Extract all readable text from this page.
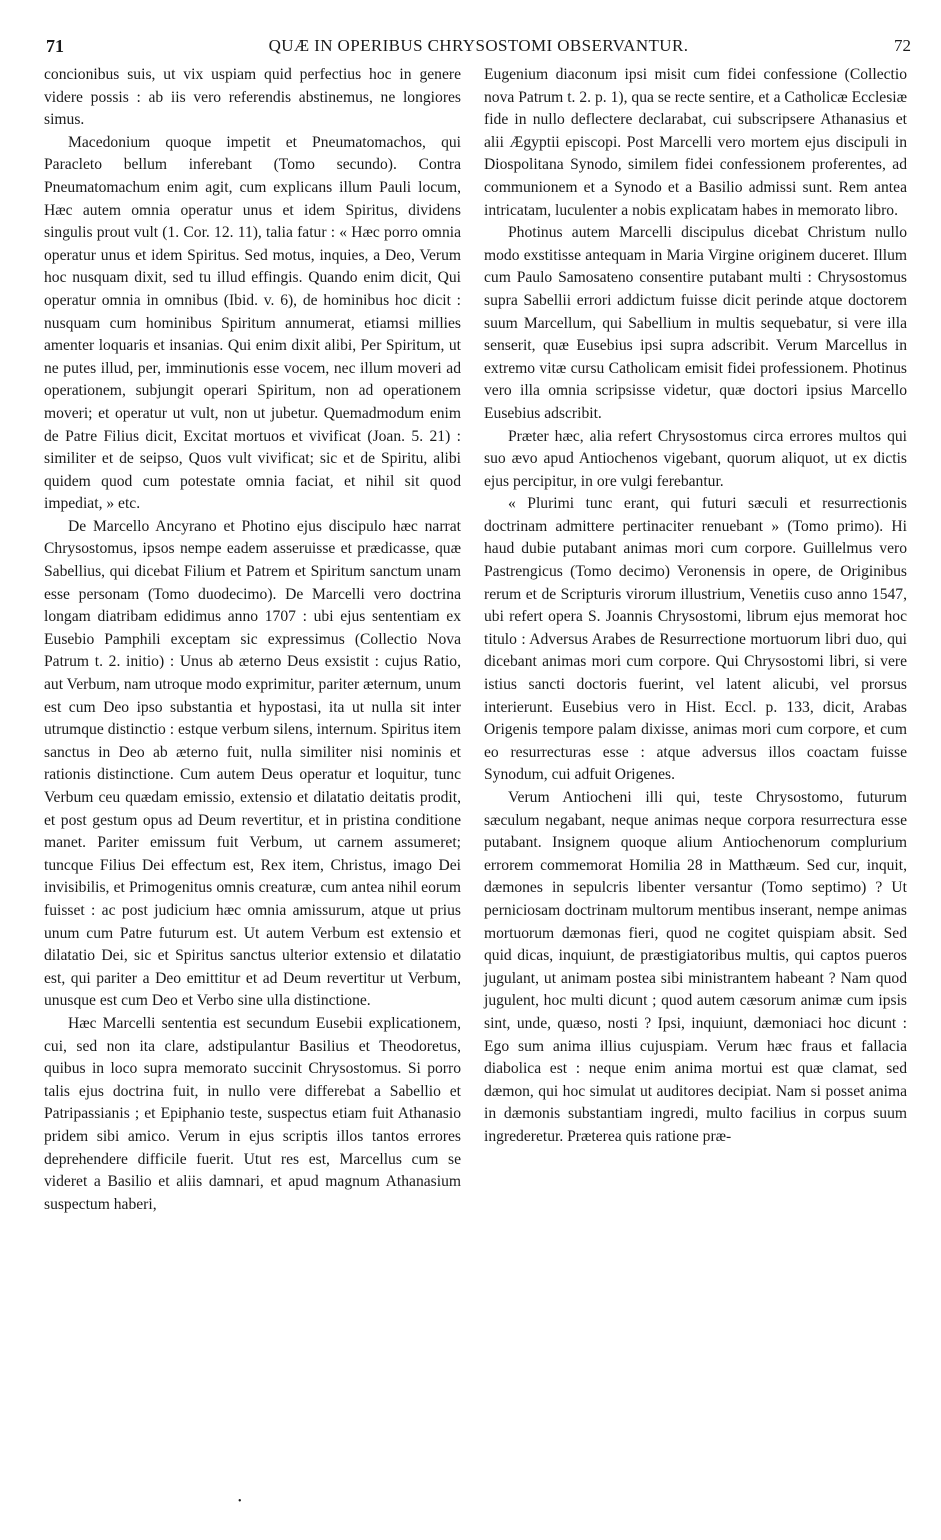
71	QUÆ IN OPERIBUS CHRYSOSTOMI OBSERVANTUR.	72

concionibus suis, ut vix uspiam quid perfectius hoc in genere videre possis : ab iis vero referendis abstinemus, ne longiores simus.

Macedonium quoque impetit et Pneumatomachos, qui Paracleto bellum inferebant (Tomo secundo). Contra Pneumatomachum enim agit, cum explicans illum Pauli locum, Hæc autem omnia operatur unus et idem Spiritus, dividens singulis prout vult (1. Cor. 12. 11), talia fatur : « Hæc porro omnia operatur unus et idem Spiritus. Sed motus, inquies, a Deo, Verum hoc nusquam dixit, sed tu illud effingis. Quando enim dicit, Qui operatur omnia in omnibus (Ibid. v. 6), de hominibus hoc dicit : nusquam cum hominibus Spiritum annumerat, etiamsi millies amenter loquaris et insanias. Qui enim dixit alibi, Per Spiritum, ut ne putes illud, per, imminutionis esse vocem, nec illum moveri ad operationem, subjungit operari Spiritum, non ad operationem moveri; et operatur ut vult, non ut jubetur. Quemadmodum enim de Patre Filius dicit, Excitat mortuos et vivificat (Joan. 5. 21) : similiter et de seipso, Quos vult vivificat; sic et de Spiritu, alibi quidem quod cum potestate omnia faciat, et nihil sit quod impediat, » etc.

De Marcello Ancyrano et Photino ejus discipulo hæc narrat Chrysostomus, ipsos nempe eadem asseruisse et prædicasse, quæ Sabellius, qui dicebat Filium et Patrem et Spiritum sanctum unam esse personam (Tomo duodecimo). De Marcelli vero doctrina longam diatribam edidimus anno 1707 : ubi ejus sententiam ex Eusebio Pamphili exceptam sic expressimus (Collectio Nova Patrum t. 2. initio) : Unus ab æterno Deus exsistit : cujus Ratio, aut Verbum, nam utroque modo exprimitur, pariter æternum, unum est cum Deo ipso substantia et hypostasi, ita ut nulla sit inter utrumque distinctio : estque verbum silens, internum. Spiritus item sanctus in Deo ab æterno fuit, nulla similiter nisi nominis et rationis distinctione. Cum autem Deus operatur et loquitur, tunc Verbum ceu quædam emissio, extensio et dilatatio deitatis prodit, et post gestum opus ad Deum revertitur, et in pristina conditione manet. Pariter emissum fuit Verbum, ut carnem assumeret; tuncque Filius Dei effectum est, Rex item, Christus, imago Dei invisibilis, et Primogenitus omnis creaturæ, cum antea nihil eorum fuisset : ac post judicium hæc omnia amissurum, atque ut prius unum cum Patre futurum est. Ut autem Verbum est extensio et dilatatio Dei, sic et Spiritus sanctus ulterior extensio et dilatatio est, qui pariter a Deo emittitur et ad Deum revertitur ut Verbum, unusque est cum Deo et Verbo sine ulla distinctione.

Hæc Marcelli sententia est secundum Eusebii explicationem, cui, sed non ita clare, adstipulantur Basilius et Theodoretus, quibus in loco supra memorato succinit Chrysostomus. Si porro talis ejus doctrina fuit, in nullo vere differebat a Sabellio et Patripassianis ; et Epiphanio teste, suspectus etiam fuit Athanasio pridem sibi amico. Verum in ejus scriptis illos tantos errores deprehendere difficile fuerit. Utut res est, Marcellus cum se videret a Basilio et aliis damnari, et apud magnum Athanasium suspectum haberi,

Eugenium diaconum ipsi misit cum fidei confessione (Collectio nova Patrum t. 2. p. 1), qua se recte sentire, et a Catholicæ Ecclesiæ fide in nullo deflectere declarabat, cui subscripsere Athanasius et alii Ægyptii episcopi. Post Marcelli vero mortem ejus discipuli in Diospolitana Synodo, similem fidei confessionem proferentes, ad communionem et a Synodo et a Basilio admissi sunt. Rem antea intricatam, luculenter a nobis explicatam habes in memorato libro.

Photinus autem Marcelli discipulus dicebat Christum nullo modo exstitisse antequam in Maria Virgine originem duceret. Illum cum Paulo Samosateno consentire putabant multi : Chrysostomus supra Sabellii errori addictum fuisse dicit perinde atque doctorem suum Marcellum, qui Sabellium in multis sequebatur, si vere illa senserit, quæ Eusebius ipsi supra adscribit. Verum Marcellus in extremo vitæ cursu Catholicam emisit fidei professionem. Photinus vero illa omnia scripsisse videtur, quæ doctori ipsius Marcello Eusebius adscribit.

Præter hæc, alia refert Chrysostomus circa errores multos qui suo ævo apud Antiochenos vigebant, quorum aliquot, ut ex dictis ejus percipitur, in ore vulgi ferebantur.

« Plurimi tunc erant, qui futuri sæculi et resurrectionis doctrinam admittere pertinaciter renuebant » (Tomo primo). Hi haud dubie putabant animas mori cum corpore. Guillelmus vero Pastrengicus (Tomo decimo) Veronensis in opere, de Originibus rerum et de Scripturis virorum illustrium, Venetiis cuso anno 1547, ubi refert opera S. Joannis Chrysostomi, librum ejus memorat hoc titulo : Adversus Arabes de Resurrectione mortuorum libri duo, qui dicebant animas mori cum corpore. Qui Chrysostomi libri, si vere istius sancti doctoris fuerint, vel latent alicubi, vel prorsus interierunt. Eusebius vero in Hist. Eccl. p. 133, dicit, Arabas Origenis tempore palam dixisse, animas mori cum corpore, et cum eo resurrecturas esse : atque adversus illos coactam fuisse Synodum, cui adfuit Origenes.

Verum Antiocheni illi qui, teste Chrysostomo, futurum sæculum negabant, neque animas neque corpora resurrectura esse putabant. Insignem quoque alium Antiochenorum complurium errorem commemorat Homilia 28 in Matthæum. Sed cur, inquit, dæmones in sepulcris libenter versantur (Tomo septimo) ? Ut perniciosam doctrinam multorum mentibus inserant, nempe animas mortuorum dæmonas fieri, quod ne cogitet quispiam absit. Sed quid dicas, inquiunt, de præstigiatoribus multis, qui captos pueros jugulant, ut animam postea sibi ministrantem habeant ? Nam quod jugulent, hoc multi dicunt ; quod autem cæsorum animæ cum ipsis sint, unde, quæso, nosti ? Ipsi, inquiunt, dæmoniaci hoc dicunt : Ego sum anima illius cujuspiam. Verum hæc fraus et fallacia diabolica est : neque enim anima mortui est quæ clamat, sed dæmon, qui hoc simulat ut auditores decipiat. Nam si posset anima in dæmonis substantiam ingredi, multo facilius in corpus suum ingrederetur. Præterea quis ratione præ-

•
